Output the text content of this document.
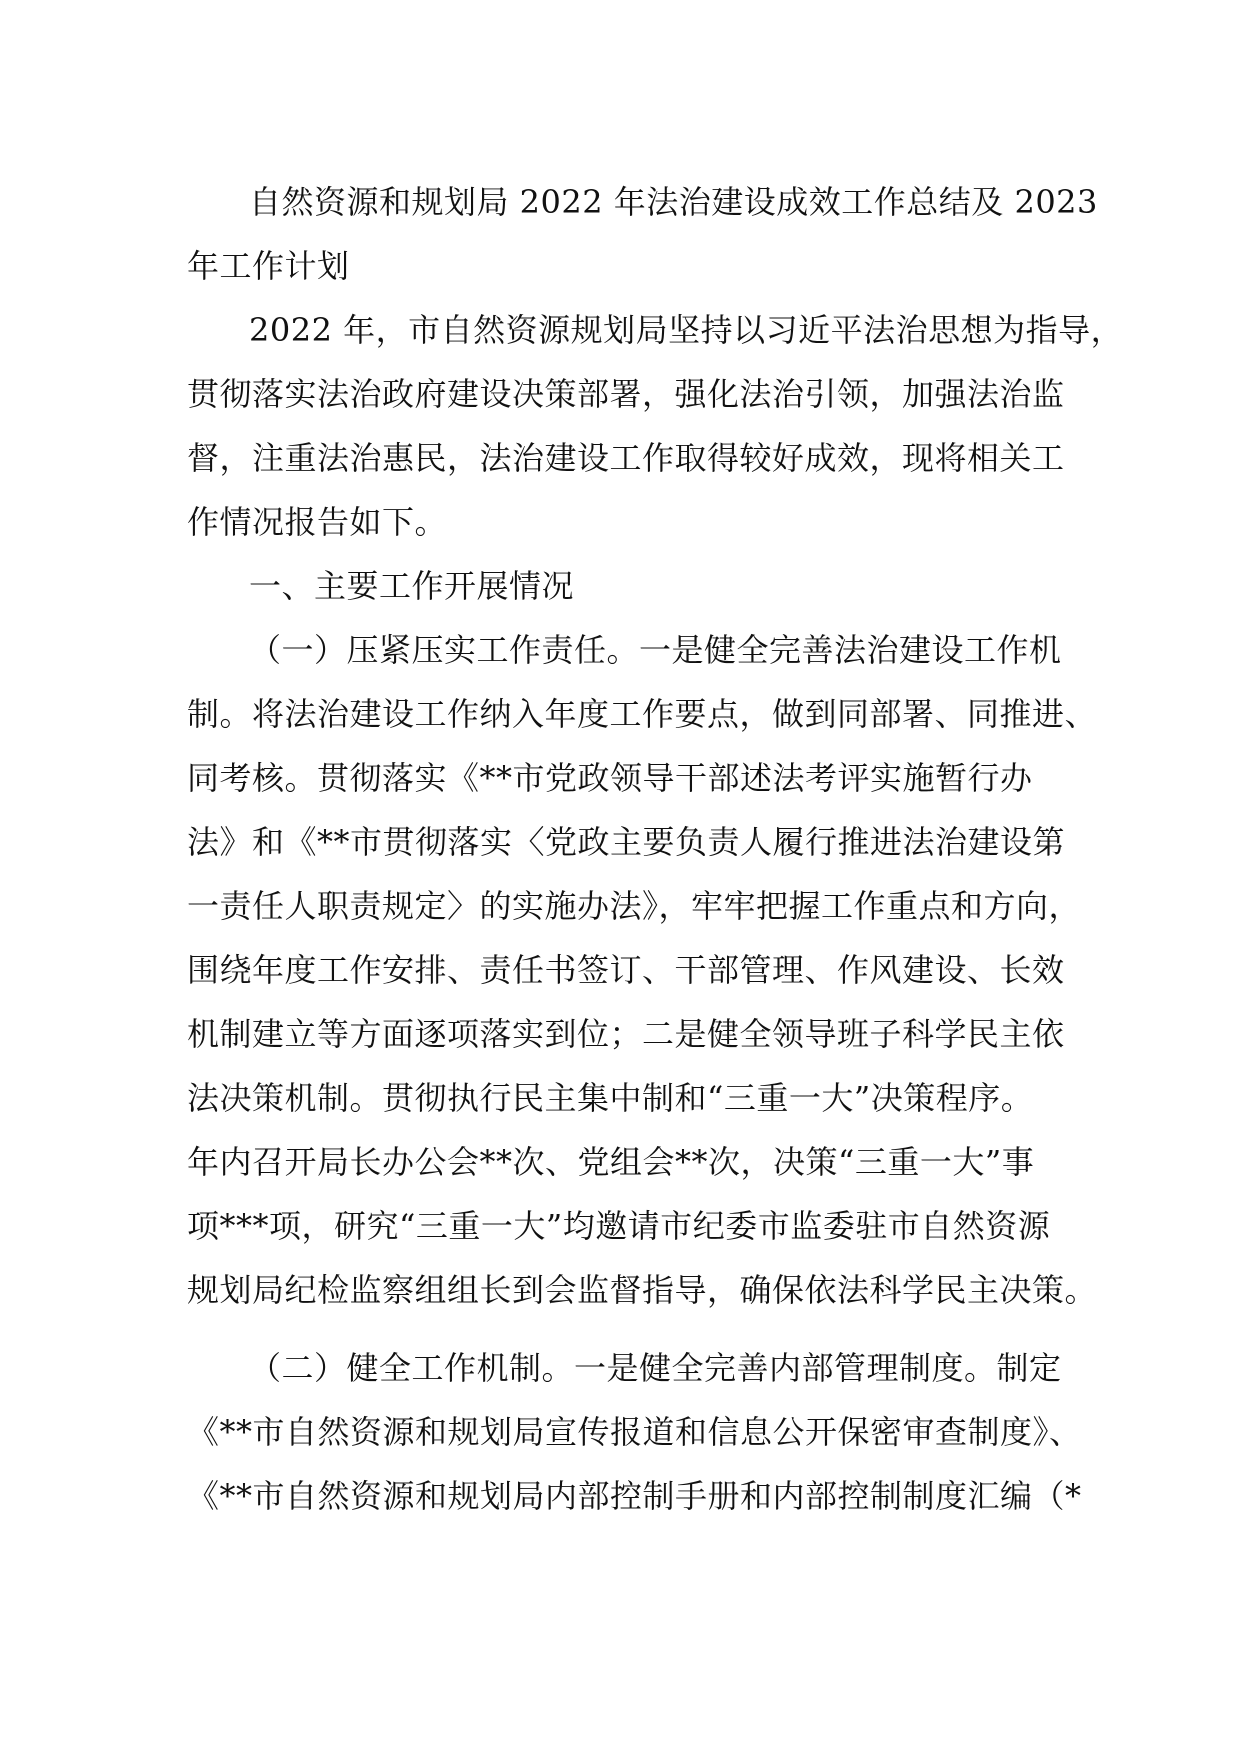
自然资源和规划局 2022 年法治建设成效工作总结及 2023
年工作计划
2022 年，市自然资源规划局坚持以习近平法治思想为指导，
贯彻落实法治政府建设决策部署，强化法治引领，加强法治监
督，注重法治惠民，法治建设工作取得较好成效，现将相关工
作情况报告如下。
一、主要工作开展情况
（一）压紧压实工作责任。一是健全完善法治建设工作机
制。将法治建设工作纳入年度工作要点，做到同部署、同推进、
同考核。贯彻落实《**市党政领导干部述法考评实施暂行办
法》和《**市贯彻落实〈党政主要负责人履行推进法治建设第
一责任人职责规定〉的实施办法》，牢牢把握工作重点和方向，
围绕年度工作安排、责任书签订、干部管理、作风建设、长效
机制建立等方面逐项落实到位；二是健全领导班子科学民主依
法决策机制。贯彻执行民主集中制和“三重一大”决策程序。
年内召开局长办公会**次、党组会**次，决策“三重一大”事
项***项，研究“三重一大”均邀请市纪委市监委驻市自然资源
规划局纪检监察组组长到会监督指导，确保依法科学民主决策。
（二）健全工作机制。一是健全完善内部管理制度。制定
《**市自然资源和规划局宣传报道和信息公开保密审查制度》、
《**市自然资源和规划局内部控制手册和内部控制制度汇编（*
